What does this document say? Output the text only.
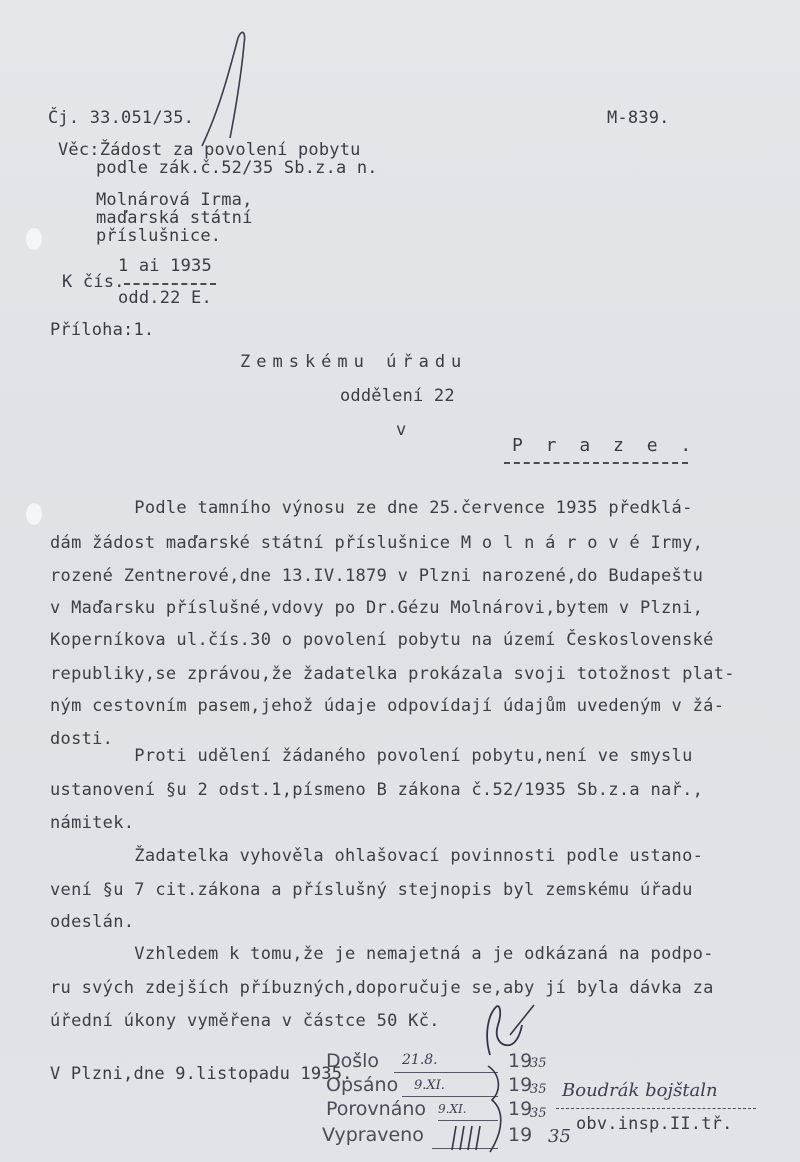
Čj. 33.051/35.	M-839.
Věc:Žádost za povolení pobytu
podle zák.č.52/35 Sb.z.a n.
Molnárová Irma,
maďarská státní
příslušnice.
1 ai 1935
K čís.
odd.22 E.
Příloha:1.
Zemskému úřadu
oddělení 22
v
P r a z e .
Podle tamního výnosu ze dne 25.července 1935 předklá-
dám žádost maďarské státní příslušnice M o l n á r o v é Irmy,
rozené Zentnerové,dne 13.IV.1879 v Plzni narozené,do Budapeštu
v Maďarsku příslušné,vdovy po Dr.Gézu Molnárovi,bytem v Plzni,
Koperníkova ul.čís.30 o povolení pobytu na území Československé
republiky,se zprávou,že žadatelka prokázala svoji totožnost plat-
ným cestovním pasem,jehož údaje odpovídají údajům uvedeným v žá-
dosti.
Proti udělení žádaného povolení pobytu,není ve smyslu
ustanovení §u 2 odst.1,písmeno B zákona č.52/1935 Sb.z.a nař.,
námitek.
Žadatelka vyhověla ohlašovací povinnosti podle ustano-
vení §u 7 cit.zákona a příslušný stejnopis byl zemskému úřadu
odeslán.
Vzhledem k tomu,že je nemajetná a je odkázaná na podpo-
ru svých zdejších příbuzných,doporučuje se,aby jí byla dávka za
úřední úkony vyměřena v částce 50 Kč.
V Plzni,dne 9.listopadu 1935.
Došlo
Opsáno
Porovnáno
Vypraveno
21.8.
9.XI.
9.XI.
19
19
19
19
35
35
35
35
Boudrák bojštaln
obv.insp.II.tř.
